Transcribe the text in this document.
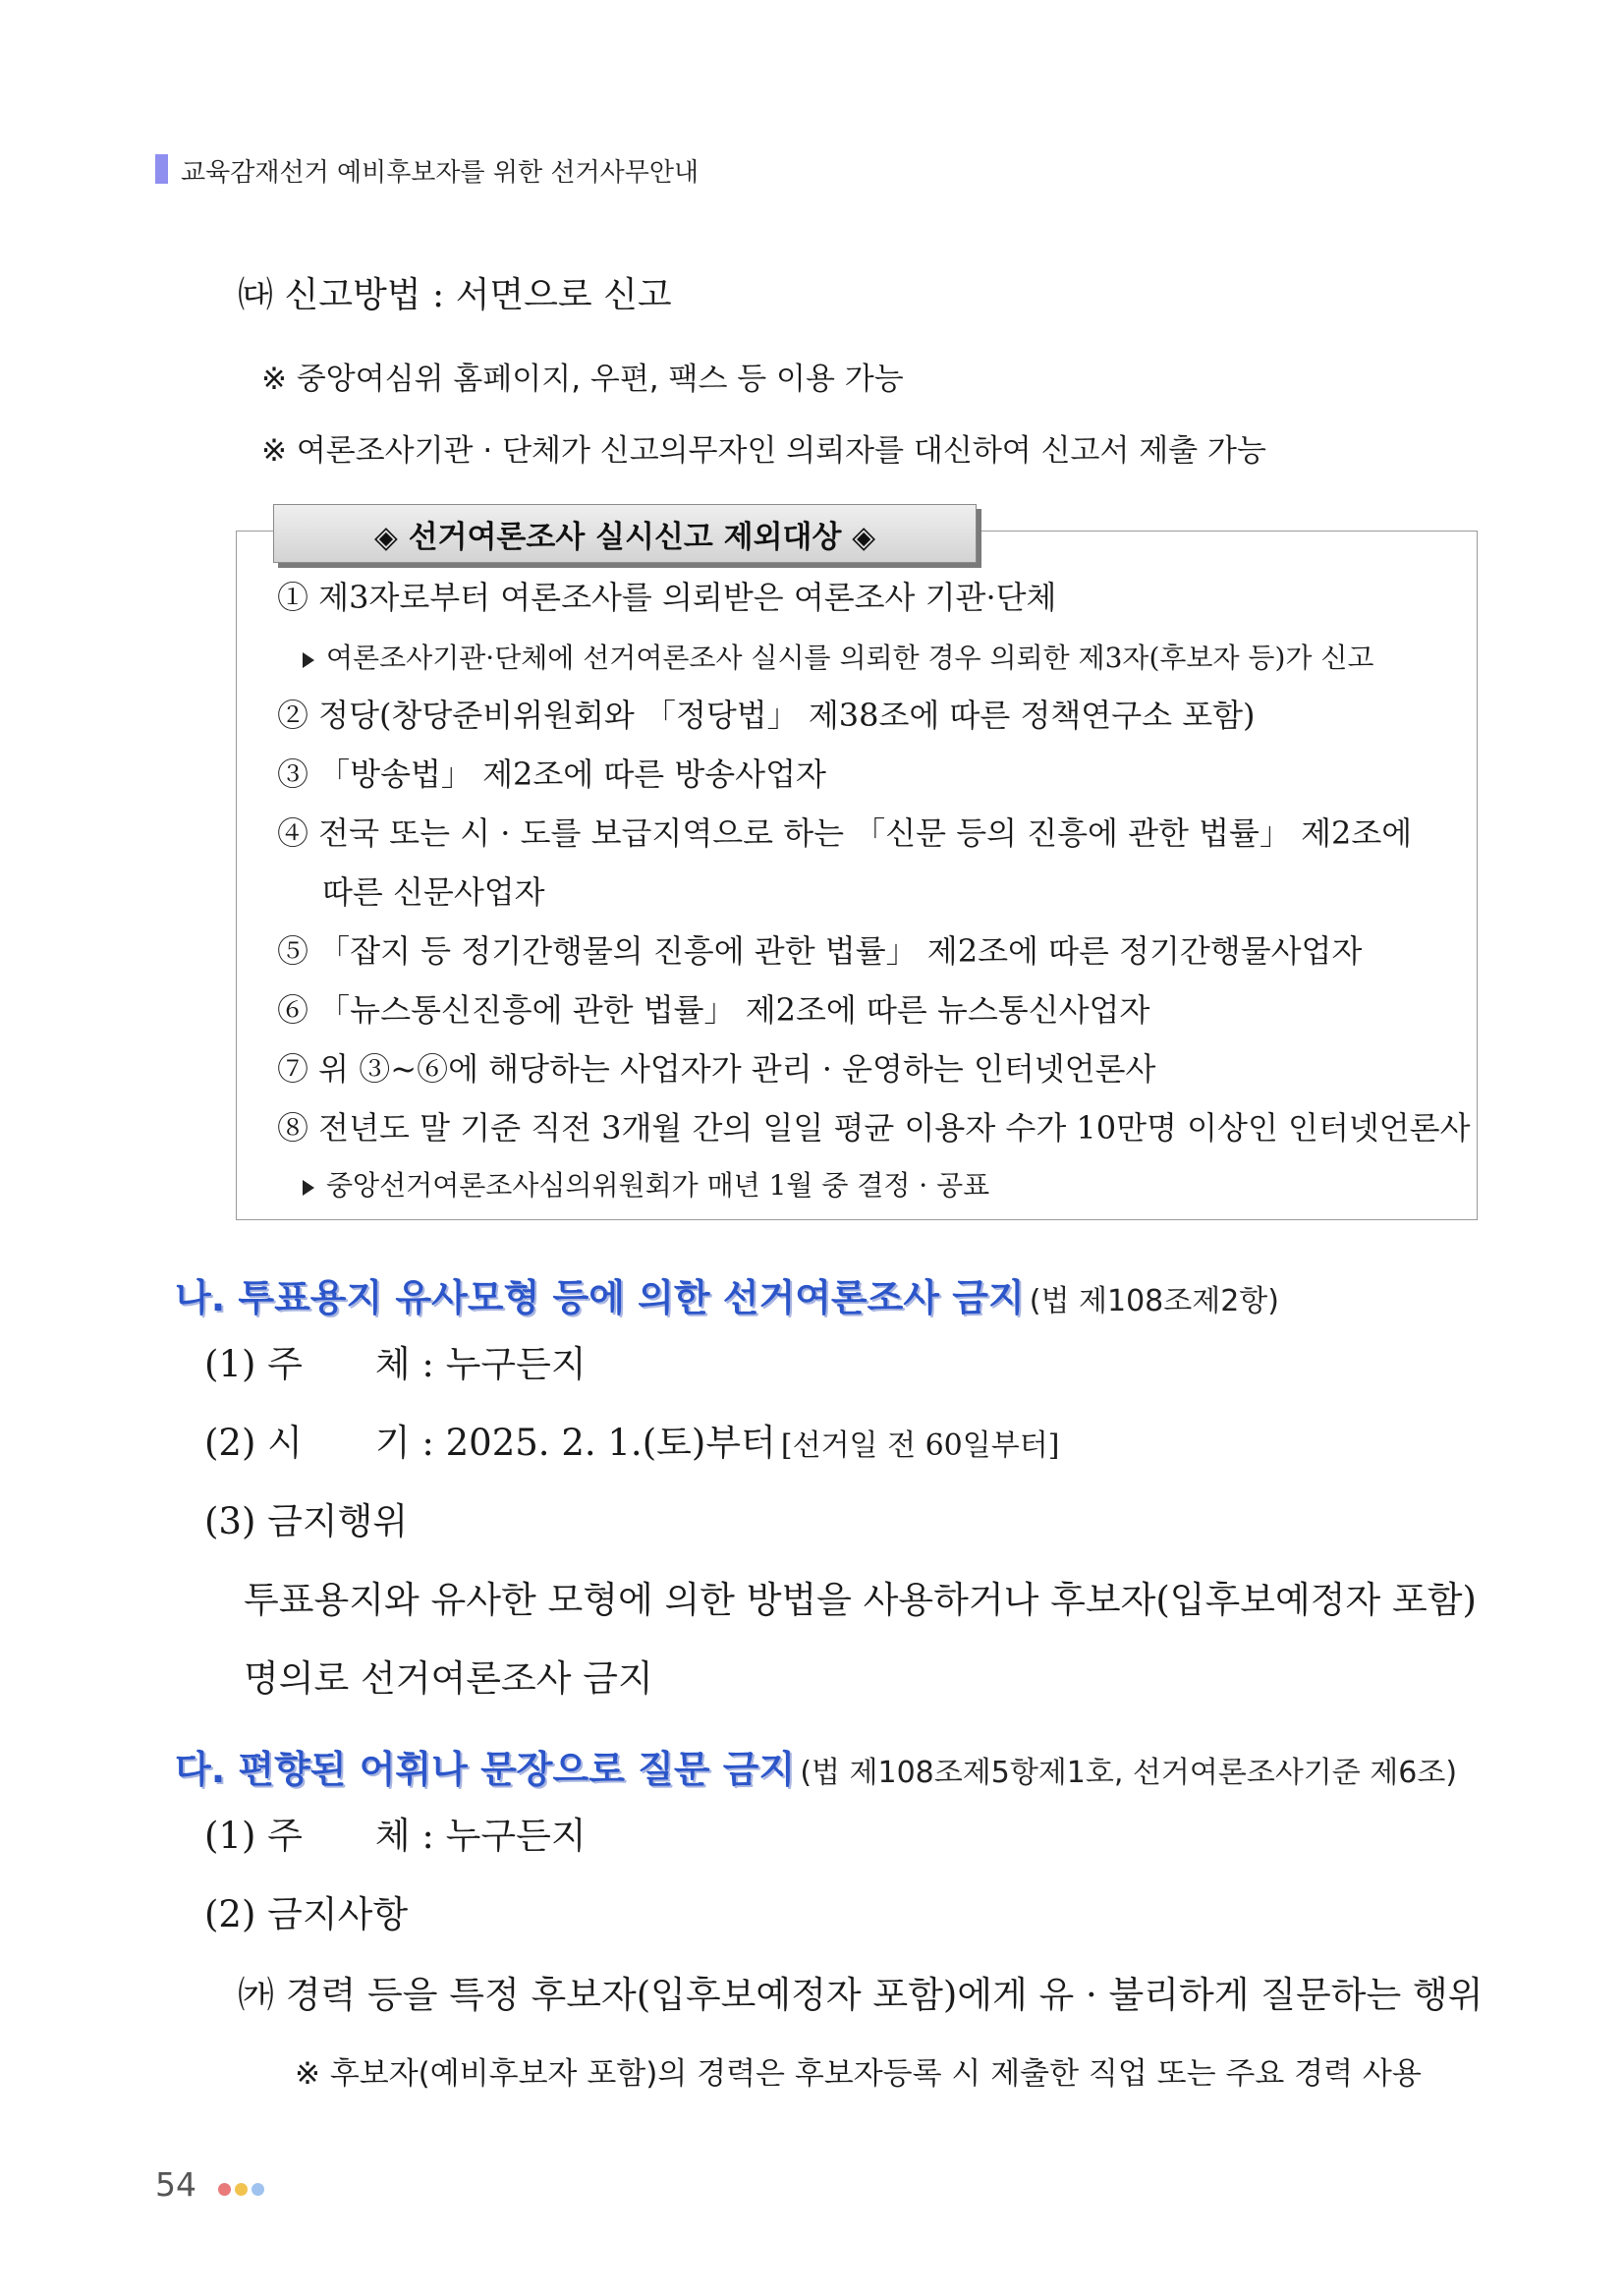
교육감재선거 예비후보자를 위한 선거사무안내
㈐ 신고방법 : 서면으로 신고
※ 중앙여심위 홈페이지, 우편, 팩스 등 이용 가능
※ 여론조사기관 · 단체가 신고의무자인 의뢰자를 대신하여 신고서 제출 가능
◈ 선거여론조사 실시신고 제외대상 ◈
① 제3자로부터 여론조사를 의뢰받은 여론조사 기관·단체
여론조사기관·단체에 선거여론조사 실시를 의뢰한 경우 의뢰한 제3자(후보자 등)가 신고
② 정당(창당준비위원회와 「정당법」 제38조에 따른 정책연구소 포함)
③ 「방송법」 제2조에 따른 방송사업자
④ 전국 또는 시 · 도를 보급지역으로 하는 「신문 등의 진흥에 관한 법률」 제2조에
따른 신문사업자
⑤ 「잡지 등 정기간행물의 진흥에 관한 법률」 제2조에 따른 정기간행물사업자
⑥ 「뉴스통신진흥에 관한 법률」 제2조에 따른 뉴스통신사업자
⑦ 위 ③~⑥에 해당하는 사업자가 관리 · 운영하는 인터넷언론사
⑧ 전년도 말 기준 직전 3개월 간의 일일 평균 이용자 수가 10만명 이상인 인터넷언론사
중앙선거여론조사심의위원회가 매년 1월 중 결정 · 공표
나. 투표용지 유사모형 등에 의한 선거여론조사 금지 (법 제108조제2항)
(1) 주　　체 : 누구든지
(2) 시　　기 : 2025. 2. 1.(토)부터 [선거일 전 60일부터]
(3) 금지행위
투표용지와 유사한 모형에 의한 방법을 사용하거나 후보자(입후보예정자 포함)
명의로 선거여론조사 금지
다. 편향된 어휘나 문장으로 질문 금지 (법 제108조제5항제1호, 선거여론조사기준 제6조)
(1) 주　　체 : 누구든지
(2) 금지사항
㈎ 경력 등을 특정 후보자(입후보예정자 포함)에게 유 · 불리하게 질문하는 행위
※ 후보자(예비후보자 포함)의 경력은 후보자등록 시 제출한 직업 또는 주요 경력 사용
54
